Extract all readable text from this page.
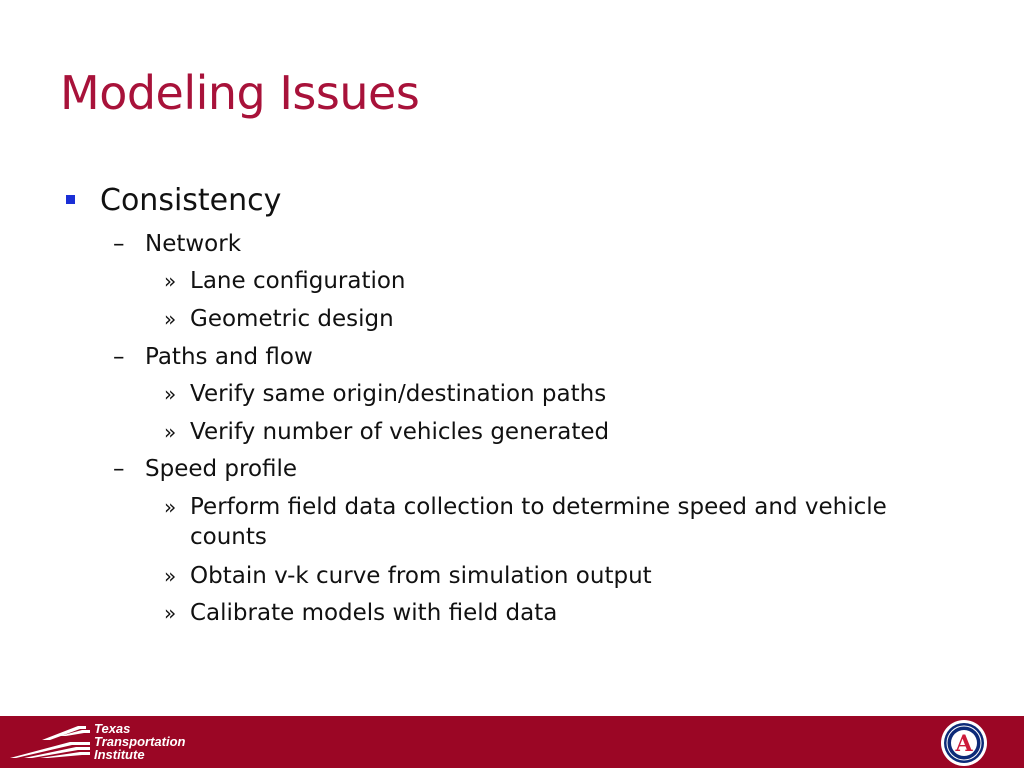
Modeling Issues
Consistency
– Network
» Lane configuration
» Geometric design
– Paths and flow
» Verify same origin/destination paths
» Verify number of vehicles generated
– Speed profile
» Perform field data collection to determine speed and vehicle counts
» Obtain v-k curve from simulation output
» Calibrate models with field data
Texas
Transportation
Institute	A
